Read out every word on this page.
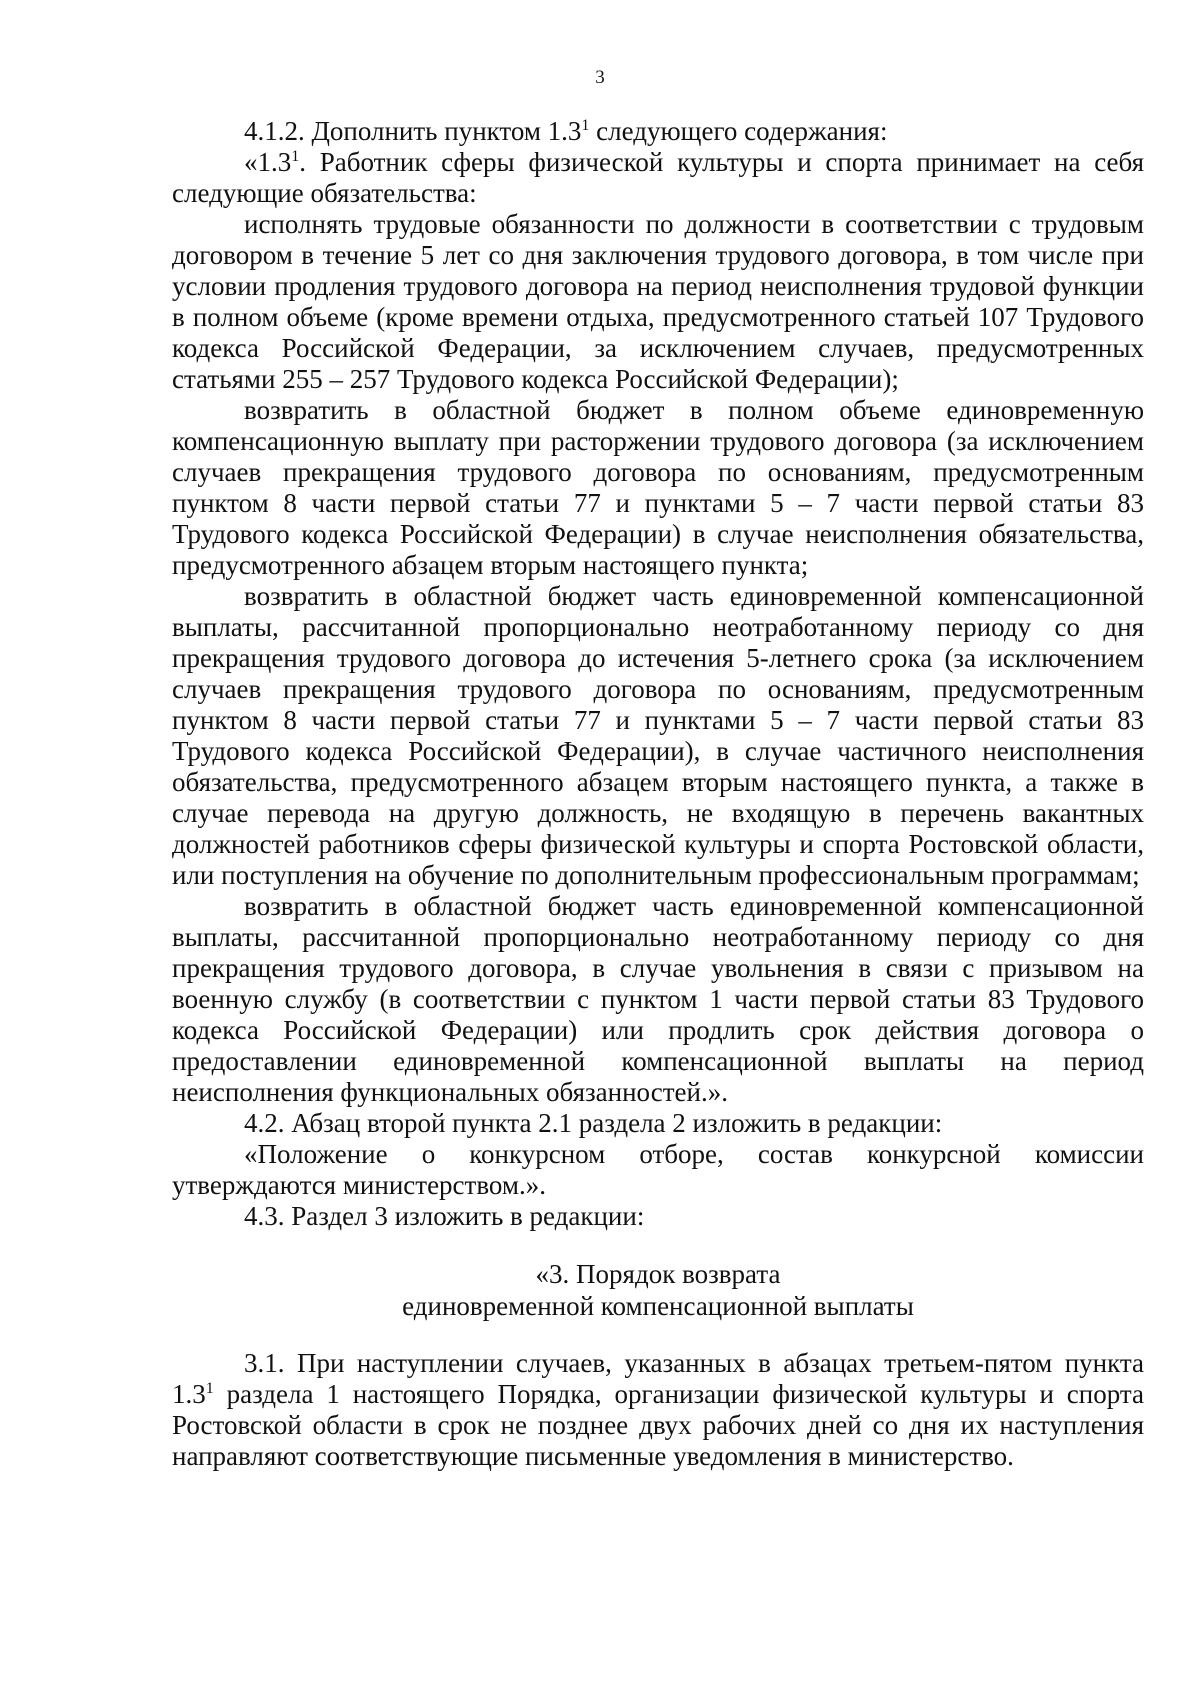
3

4.1.2. Дополнить пунктом $1.3^1$ следующего содержания:

«$1.3^1$. Работник сферы физической культуры и спорта принимает на себя следующие обязательства:

исполнять трудовые обязанности по должности в соответствии с трудовым договором в течение 5 лет со дня заключения трудового договора, в том числе при условии продления трудового договора на период неисполнения трудовой функции в полном объеме (кроме времени отдыха, предусмотренного статьей 107 Трудового кодекса Российской Федерации, за исключением случаев, предусмотренных статьями 255 – 257 Трудового кодекса Российской Федерации);

возвратить в областной бюджет в полном объеме единовременную компенсационную выплату при расторжении трудового договора (за исключением случаев прекращения трудового договора по основаниям, предусмотренным пунктом 8 части первой статьи 77 и пунктами 5 – 7 части первой статьи 83 Трудового кодекса Российской Федерации) в случае неисполнения обязательства, предусмотренного абзацем вторым настоящего пункта;

возвратить в областной бюджет часть единовременной компенсационной выплаты, рассчитанной пропорционально неотработанному периоду со дня прекращения трудового договора до истечения 5-летнего срока (за исключением случаев прекращения трудового договора по основаниям, предусмотренным пунктом 8 части первой статьи 77 и пунктами 5 – 7 части первой статьи 83 Трудового кодекса Российской Федерации), в случае частичного неисполнения обязательства, предусмотренного абзацем вторым настоящего пункта, а также в случае перевода на другую должность, не входящую в перечень вакантных должностей работников сферы физической культуры и спорта Ростовской области, или поступления на обучение по дополнительным профессиональным программам;

возвратить в областной бюджет часть единовременной компенсационной выплаты, рассчитанной пропорционально неотработанному периоду со дня прекращения трудового договора, в случае увольнения в связи с призывом на военную службу (в соответствии с пунктом 1 части первой статьи 83 Трудового кодекса Российской Федерации) или продлить срок действия договора о предоставлении единовременной компенсационной выплаты на период неисполнения функциональных обязанностей.».

4.2. Абзац второй пункта 2.1 раздела 2 изложить в редакции:

«Положение о конкурсном отборе, состав конкурсной комиссии утверждаются министерством.».

4.3. Раздел 3 изложить в редакции:

«3. Порядок возврата
единовременной компенсационной выплаты

3.1. При наступлении случаев, указанных в абзацах третьем-пятом пункта $1.3^1$ раздела 1 настоящего Порядка, организации физической культуры и спорта Ростовской области в срок не позднее двух рабочих дней со дня их наступления направляют соответствующие письменные уведомления в министерство.
